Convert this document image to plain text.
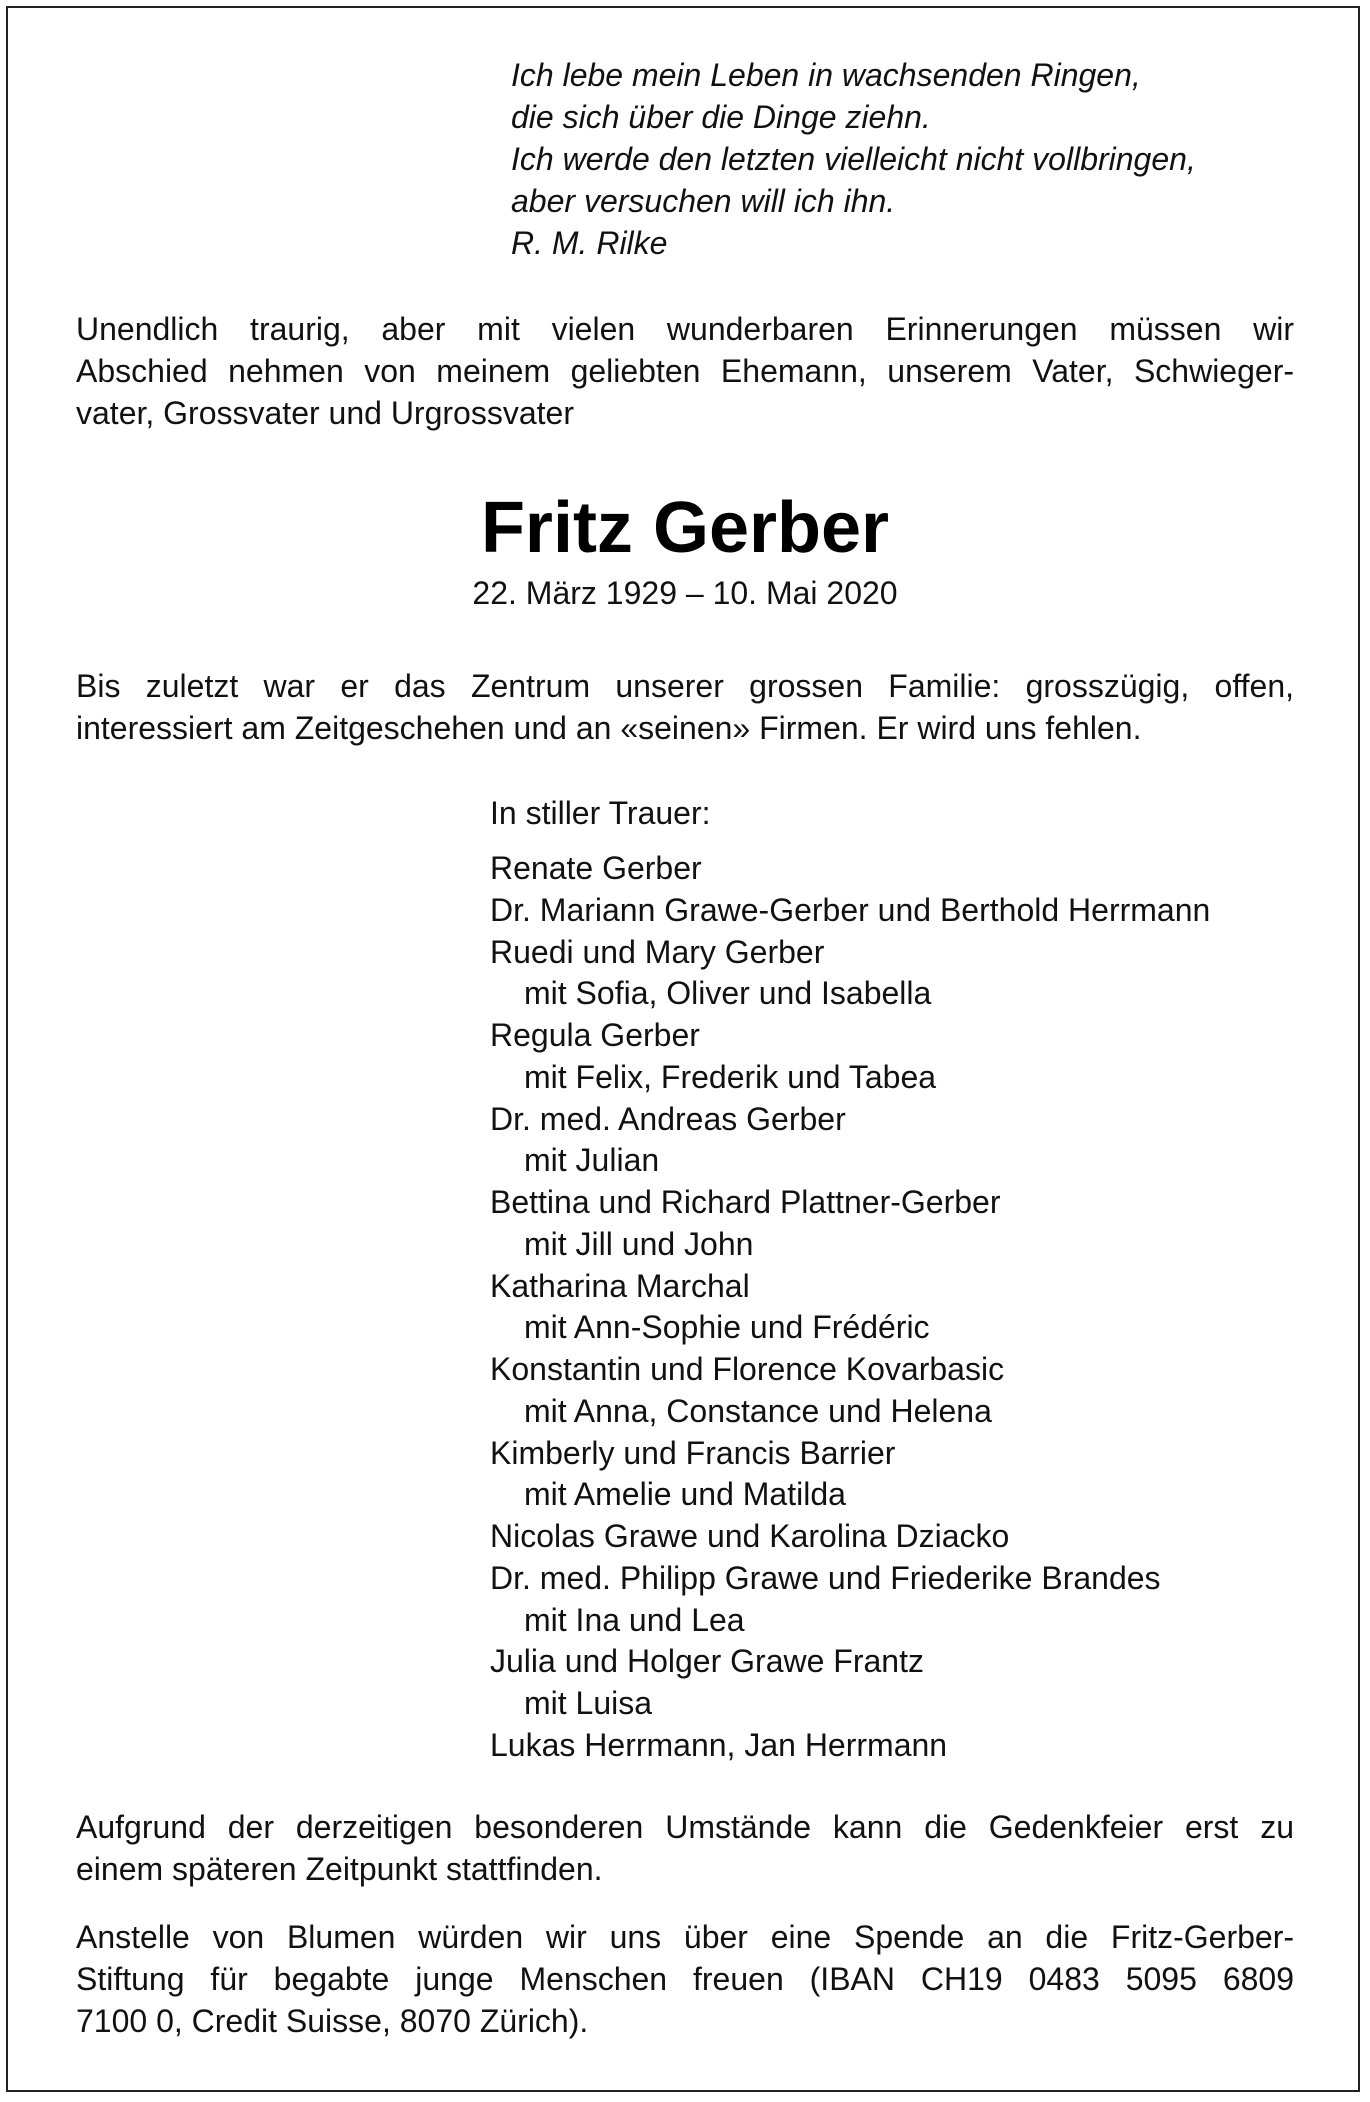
Ich lebe mein Leben in wachsenden Ringen,
die sich über die Dinge ziehn.
Ich werde den letzten vielleicht nicht vollbringen,
aber versuchen will ich ihn.
R. M. Rilke
Unendlich traurig, aber mit vielen wunderbaren Erinnerungen müssen wir
Abschied nehmen von meinem geliebten Ehemann, unserem Vater, Schwieger-
vater, Grossvater und Urgrossvater
Fritz Gerber
22. März 1929 – 10. Mai 2020
Bis zuletzt war er das Zentrum unserer grossen Familie: grosszügig, offen,
interessiert am Zeitgeschehen und an «seinen» Firmen. Er wird uns fehlen.
In stiller Trauer:
Renate Gerber
Dr. Mariann Grawe-Gerber und Berthold Herrmann
Ruedi und Mary Gerber
mit Sofia, Oliver und Isabella
Regula Gerber
mit Felix, Frederik und Tabea
Dr. med. Andreas Gerber
mit Julian
Bettina und Richard Plattner-Gerber
mit Jill und John
Katharina Marchal
mit Ann-Sophie und Frédéric
Konstantin und Florence Kovarbasic
mit Anna, Constance und Helena
Kimberly und Francis Barrier
mit Amelie und Matilda
Nicolas Grawe und Karolina Dziacko
Dr. med. Philipp Grawe und Friederike Brandes
mit Ina und Lea
Julia und Holger Grawe Frantz
mit Luisa
Lukas Herrmann, Jan Herrmann
Aufgrund der derzeitigen besonderen Umstände kann die Gedenkfeier erst zu
einem späteren Zeitpunkt stattfinden.
Anstelle von Blumen würden wir uns über eine Spende an die Fritz-Gerber-
Stiftung für begabte junge Menschen freuen (IBAN CH19 0483 5095 6809
7100 0, Credit Suisse, 8070 Zürich).
